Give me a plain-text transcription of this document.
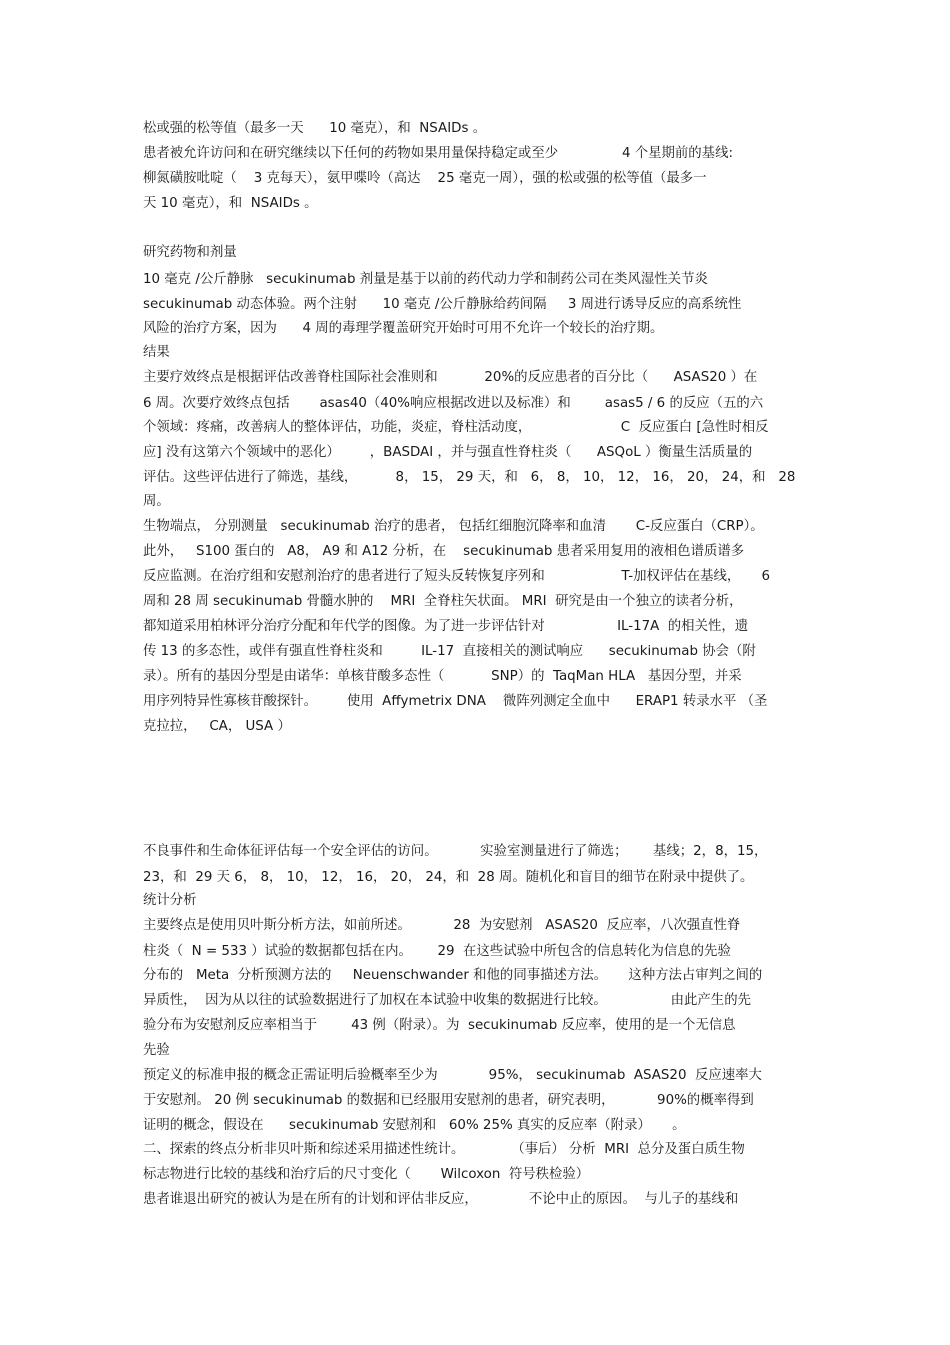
松或强的松等值（最多一天      10 毫克），和  NSAIDs 。
患者被允许访问和在研究继续以下任何的药物如果用量保持稳定或至少               4 个星期前的基线:
柳氮磺胺吡啶（    3 克每天），氨甲喋呤（高达    25 毫克一周），强的松或强的松等值（最多一
天 10 毫克），和  NSAIDs 。
研究药物和剂量
10 毫克 /公斤静脉   secukinumab 剂量是基于以前的药代动力学和制药公司在类风湿性关节炎
secukinumab 动态体验。两个注射      10 毫克 /公斤静脉给药间隔     3 周进行诱导反应的高系统性
风险的治疗方案，因为      4 周的毒理学覆盖研究开始时可用不允许一个较长的治疗期。
结果
主要疗效终点是根据评估改善脊柱国际社会准则和           20%的反应患者的百分比（      ASAS20 ）在
6 周。次要疗效终点包括       asas40（40%响应根据改进以及标准）和        asas5 / 6 的反应（五的六
个领域：疼痛，改善病人的整体评估，功能，炎症，脊柱活动度，                     C  反应蛋白 [急性时相反
应] 没有这第六个领域中的恶化）       ，BASDAI ，并与强直性脊柱炎（      ASQoL ）衡量生活质量的
评估。这些评估进行了筛选，基线，         8， 15， 29 天，和   6， 8， 10， 12， 16， 20， 24，和   28
周。
生物端点， 分别测量   secukinumab 治疗的患者， 包括红细胞沉降率和血清       C-反应蛋白（CRP）。
此外，   S100 蛋白的   A8， A9 和 A12 分析，在    secukinumab 患者采用复用的液相色谱质谱多
反应监测。在治疗组和安慰剂治疗的患者进行了短头反转恢复序列和                  T-加权评估在基线，     6
周和 28 周 secukinumab 骨髓水肿的    MRI  全脊柱矢状面。 MRI  研究是由一个独立的读者分析，
都知道采用柏林评分治疗分配和年代学的图像。为了进一步评估针对                 IL-17A  的相关性，遗
传 13 的多态性，或伴有强直性脊柱炎和         IL-17  直接相关的测试响应      secukinumab 协会（附
录）。所有的基因分型是由诺华：单核苷酸多态性（           SNP）的  TaqMan HLA   基因分型，并采
用序列特异性寡核苷酸探针。       使用  Affymetrix DNA    微阵列测定全血中      ERAP1 转录水平 （圣
克拉拉，   CA， USA ）
不良事件和生命体征评估每一个安全评估的访问。          实验室测量进行了筛选；      基线；2，8，15，
23，和  29 天 6， 8， 10， 12， 16， 20， 24，和  28 周。随机化和盲目的细节在附录中提供了。
统计分析
主要终点是使用贝叶斯分析方法，如前所述。          28  为安慰剂   ASAS20  反应率，八次强直性脊
柱炎（  N = 533 ）试验的数据都包括在内。      29  在这些试验中所包含的信息转化为信息的先验
分布的   Meta  分析预测方法的     Neuenschwander 和他的同事描述方法。     这种方法占审判之间的
异质性，  因为从以往的试验数据进行了加权在本试验中收集的数据进行比较。               由此产生的先
验分布为安慰剂反应率相当于        43 例（附录）。为  secukinumab 反应率，使用的是一个无信息
先验
预定义的标准申报的概念正需证明后验概率至少为            95%， secukinumab  ASAS20  反应速率大
于安慰剂。 20 例 secukinumab 的数据和已经服用安慰剂的患者，研究表明，          90%的概率得到
证明的概念，假设在      secukinumab 安慰剂和   60% 25% 真实的反应率（附录）     。
二、探索的终点分析非贝叶斯和综述采用描述性统计。           （事后） 分析  MRI  总分及蛋白质生物
标志物进行比较的基线和治疗后的尺寸变化（       Wilcoxon  符号秩检验）
患者谁退出研究的被认为是在所有的计划和评估非反应，            不论中止的原因。  与儿子的基线和
